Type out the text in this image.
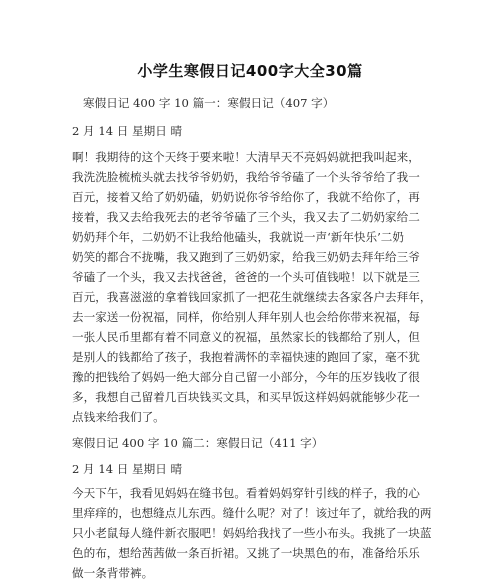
小学生寒假日记400字大全30篇
寒假日记 400 字 10 篇一：寒假日记（407 字）
2 月 14 日 星期日 晴
啊！我期待的这个天终于要来啦！大清早天不亮妈妈就把我叫起来，
我洗洗脸梳梳头就去找爷爷奶奶，我给爷爷磕了一个头爷爷给了我一
百元，接着又给了奶奶磕，奶奶说你爷爷给你了，我就不给你了，再
接着，我又去给我死去的老爷爷磕了三个头，我又去了二奶奶家给二
奶奶拜个年，二奶奶不让我给他磕头，我就说一声‘新年快乐’二奶
奶笑的都合不拢嘴，我又跑到了三奶奶家，给我三奶奶去拜年给三爷
爷磕了一个头，我又去找爸爸，爸爸的一个头可值钱啦！以下就是三
百元，我喜滋滋的拿着钱回家抓了一把花生就继续去各家各户去拜年，
去一家送一份祝福，同样，你给别人拜年别人也会给你带来祝福，每
一张人民币里都有着不同意义的祝福，虽然家长的钱都给了别人，但
是别人的钱都给了孩子，我抱着满怀的幸福快速的跑回了家，毫不犹
豫的把钱给了妈妈一绝大部分自己留一小部分，今年的压岁钱收了很
多，我想自己留着几百块钱买文具，和买早饭这样妈妈就能够少花一
点钱来给我们了。
寒假日记 400 字 10 篇二：寒假日记（411 字）
2 月 14 日 星期日 晴
今天下午，我看见妈妈在缝书包。看着妈妈穿针引线的样子，我的心
里痒痒的，也想缝点儿东西。缝什么呢？对了！该过年了，就给我的两
只小老鼠每人缝件新衣服吧！妈妈给我找了一些小布头。我挑了一块蓝
色的布，想给茜茜做一条百折裙。又挑了一块黑色的布，准备给乐乐
做一条背带裤。
